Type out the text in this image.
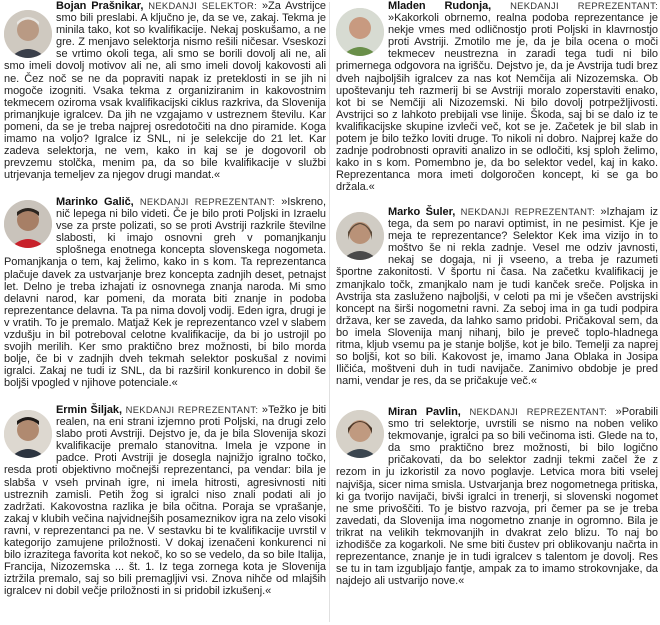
Bojan Prašnikar, NEKDANJI SELEKTOR: »Za Avstrijce smo bili preslabi. A ključno je, da se ve, zakaj. Tekma je minila tako, kot so kvalifikacije. Nekaj poskušamo, a ne gre. Z menjavo selektorja nismo rešili ničesar. Vseskozi se vrtimo okoli tega, ali smo se borili dovolj ali ne, ali smo imeli dovolj motivov ali ne, ali smo imeli dovolj kakovosti ali ne. Čez noč se ne da popraviti napak iz preteklosti in se jih ni mogoče izogniti. Vsaka tekma z organiziranim in kakovostnim tekmecem oziroma vsak kvalifikacijski ciklus razkriva, da Slovenija primanjkuje igralcev. Da jih ne vzgajamo v ustreznem številu. Kar pomeni, da se je treba najprej osredotočiti na dno piramide. Koga imamo na voljo? Igralce iz SNL, ni je selekcije do 21 let. Kar zadeva selektorja, ne vem, kako in kaj se je dogovoril ob prevzemu stolčka, menim pa, da so bile kvalifikacije v službi utrjevanja temeljev za njegov drugi mandat.«

Marinko Galič, NEKDANJI REPREZENTANT: »Iskreno, nič lepega ni bilo videti. Če je bilo proti Poljski in Izraelu vse za prste polizati, so se proti Avstriji razkrile številne slabosti, ki imajo osnovni greh v pomanjkanju splošnega enotnega koncepta slovenskega nogometa. Pomanjkanja o tem, kaj želimo, kako in s kom. Ta reprezentanca plačuje davek za ustvarjanje brez koncepta zadnjih deset, petnajst let. Delno je treba izhajati iz osnovnega znanja naroda. Mi smo delavni narod, kar pomeni, da morata biti znanje in podoba reprezentance delavna. Ta pa nima dovolj vodij. Eden igra, drugi je v vratih. To je premalo. Matjaž Kek je reprezentanco vzel v slabem vzdušju in bil potreboval celotne kvalifikacije, da bi jo ustrojil po svojih merilih. Ker smo praktično brez možnosti, bi bilo morda bolje, če bi v zadnjih dveh tekmah selektor poskušal z novimi igralci. Zakaj ne tudi iz SNL, da bi razširil konkurenco in dobil še boljši vpogled v njihove potenciale.«

Ermin Šiljak, NEKDANJI REPREZENTANT: »Težko je biti realen, na eni strani izjemno proti Poljski, na drugi zelo slabo proti Avstriji. Dejstvo je, da je bila Slovenija skozi kvalifikacije premalo stanovitna. Imela je vzpone in padce. Proti Avstriji je dosegla najnižjo igralno točko, resda proti objektivno močnejši reprezentanci, pa vendar: bila je slabša v vseh prvinah igre, ni imela hitrosti, agresivnosti niti ustreznih zamisli. Petih žog si igralci niso znali podati ali jo zadržati. Kakovostna razlika je bila očitna. Poraja se vprašanje, zakaj v klubih večina najvidnejših posameznikov igra na zelo visoki ravni, v reprezentanci pa ne. V sestavku bi te kvalifikacije uvrstil v kategorijo zamujene priložnosti. V dokaj izenačeni konkurenci ni bilo izrazitega favorita kot nekoč, ko so se vedelo, da so bile Italija, Francija, Nizozemska ... št. 1. Iz tega zornega kota je Slovenija iztržila premalo, saj so bili premagljivi vsi. Znova nihče od mlajših igralcev ni dobil večje priložnosti in si pridobil izkušenj.«

Mladen Rudonja, NEKDANJI REPREZENTANT: »Kakorkoli obrnemo, realna podoba reprezentance je nekje vmes med odličnostjo proti Poljski in klavrnostjo proti Avstriji. Zmotilo me je, da je bila ocena o moči tekmecev neustrezna in zaradi tega tudi ni bilo primernega odgovora na igrišču. Dejstvo je, da je Avstrija tudi brez dveh najboljših igralcev za nas kot Nemčija ali Nizozemska. Ob upoštevanju teh razmerij bi se Avstriji moralo zoperstaviti enako, kot bi se Nemčiji ali Nizozemski. Ni bilo dovolj potrpežljivosti. Avstrijci so z lahkoto prebijali vse linije. Škoda, saj bi se dalo iz te kvalifikacijske skupine izvleči več, kot se je. Začetek je bil slab in potem je bilo težko loviti druge. To nikoli ni dobro. Najprej kaže do zadnje podrobnosti opraviti analizo in se odločiti, ksj sploh želimo, kako in s kom. Pomembno je, da bo selektor vedel, kaj in kako. Reprezentanca mora imeti dolgoročen koncept, ki se ga bo držala.«

Marko Šuler, NEKDANJI REPREZENTANT: »Izhajam iz tega, da sem po naravi optimist, in ne pesimist. Kje je meja te reprezentance? Selektor Kek ima vizijo in to moštvo še ni rekla zadnje. Vesel me odziv javnosti, nekaj se dogaja, ni ji vseeno, a treba je razumeti športne zakonitosti. V športu ni časa. Na začetku kvalifikacij je zmanjkalo točk, zmanjkalo nam je tudi kanček sreče. Poljska in Avstrija sta zasluženo najboljši, v celoti pa mi je všečen avstrijski koncept na širši nogometni ravni. Za seboj ima in ga tudi podpira država, ker se zaveda, da lahko samo pridobi. Pričakoval sem, da bo imela Slovenija manj nihanj, bilo je preveč toplo-hladnega ritma, kljub vsemu pa je stanje boljše, kot je bilo. Temelji za naprej so boljši, kot so bili. Kakovost je, imamo Jana Oblaka in Josipa Iličića, moštveni duh in tudi navijače. Zanimivo obdobje je pred nami, vendar je res, da se pričakuje več.«

Miran Pavlin, NEKDANJI REPREZENTANT: »Porabili smo tri selektorje, uvrstili se nismo na noben veliko tekmovanje, igralci pa so bili večinoma isti. Glede na to, da smo praktično brez možnosti, bi bilo logično pričakovati, da bo selektor zadnji tekmi začel že z rezom in ju izkoristil za novo poglavje. Letvica mora biti vselej najvišja, sicer nima smisla. Ustvarjanja brez nogometnega pritiska, ki ga tvorijo navijači, bivši igralci in trenerji, si slovenski nogomet ne sme privoščiti. To je bistvo razvoja, pri čemer pa se je treba zavedati, da Slovenija ima nogometno znanje in ogromno. Bila je trikrat na velikih tekmovanjih in dvakrat zelo blizu. To naj bo izhodišče za kogarkoli. Ne sme biti čustev pri oblikovanju načrta in reprezentance, znanje je in tudi igralcev s talentom je dovolj. Res se tu in tam izgubljajo fantje, ampak za to imamo strokovnjake, da najdejo ali ustvarijo nove.«
